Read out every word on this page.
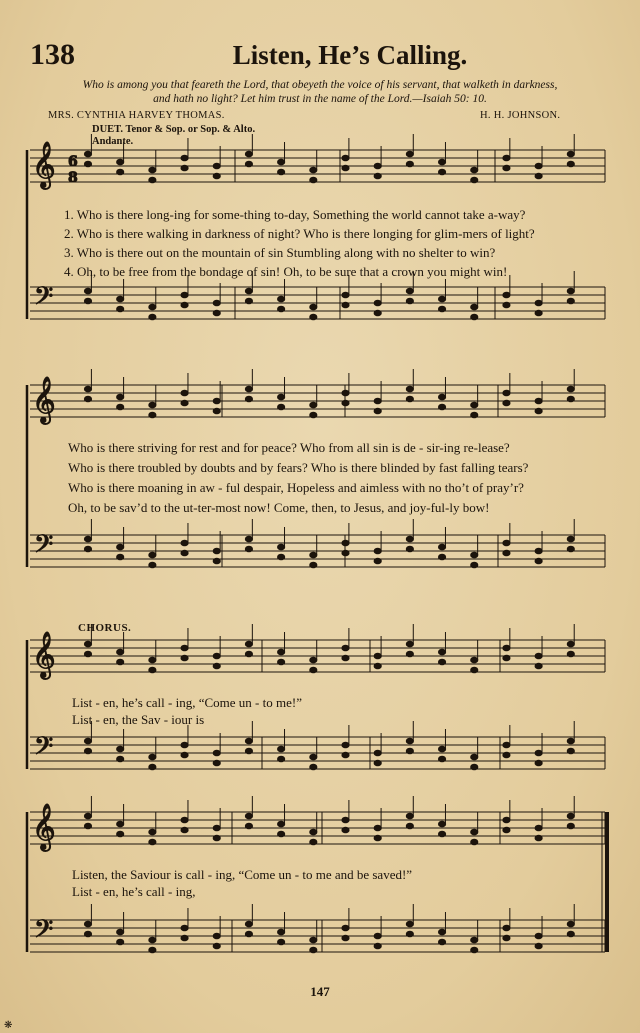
138	Listen, He’s Calling.
Who is among you that feareth the Lord, that obeyeth the voice of his servant, that walketh in darkness,
and hath no light? Let him trust in the name of the Lord.—Isaiah 50: 10.
MRS. CYNTHIA HARVEY THOMAS.	H. H. JOHNSON.
DUET. Tenor & Sop. or Sop. & Alto.
Andante.
𝄞
𝄢
𝄞
𝄢
𝄞
𝄢
𝄞
𝄢
6
8
1. Who is there long-ing for some-thing to-day, Something the world cannot take a-way?
2. Who is there walking in darkness of night? Who is there longing for glim-mers of light?
3. Who is there out on the mountain of sin Stumbling along with no shelter to win?
4. Oh, to be free from the bondage of sin! Oh, to be sure that a crown you might win!
Who is there striving for rest and for peace? Who from all sin is de - sir-ing re-lease?
Who is there troubled by doubts and by fears? Who is there blinded by fast falling tears?
Who is there moaning in aw - ful despair, Hopeless and aimless with no tho’t of pray’r?
Oh, to be sav’d to the ut-ter-most now! Come, then, to Jesus, and joy-ful-ly bow!
CHORUS.
List - en, he’s call - ing, “Come un - to me!”
List - en, the Sav - iour is
Listen, the Saviour is call - ing, “Come un - to me and be saved!”
List - en, he’s call - ing,
147
❋
